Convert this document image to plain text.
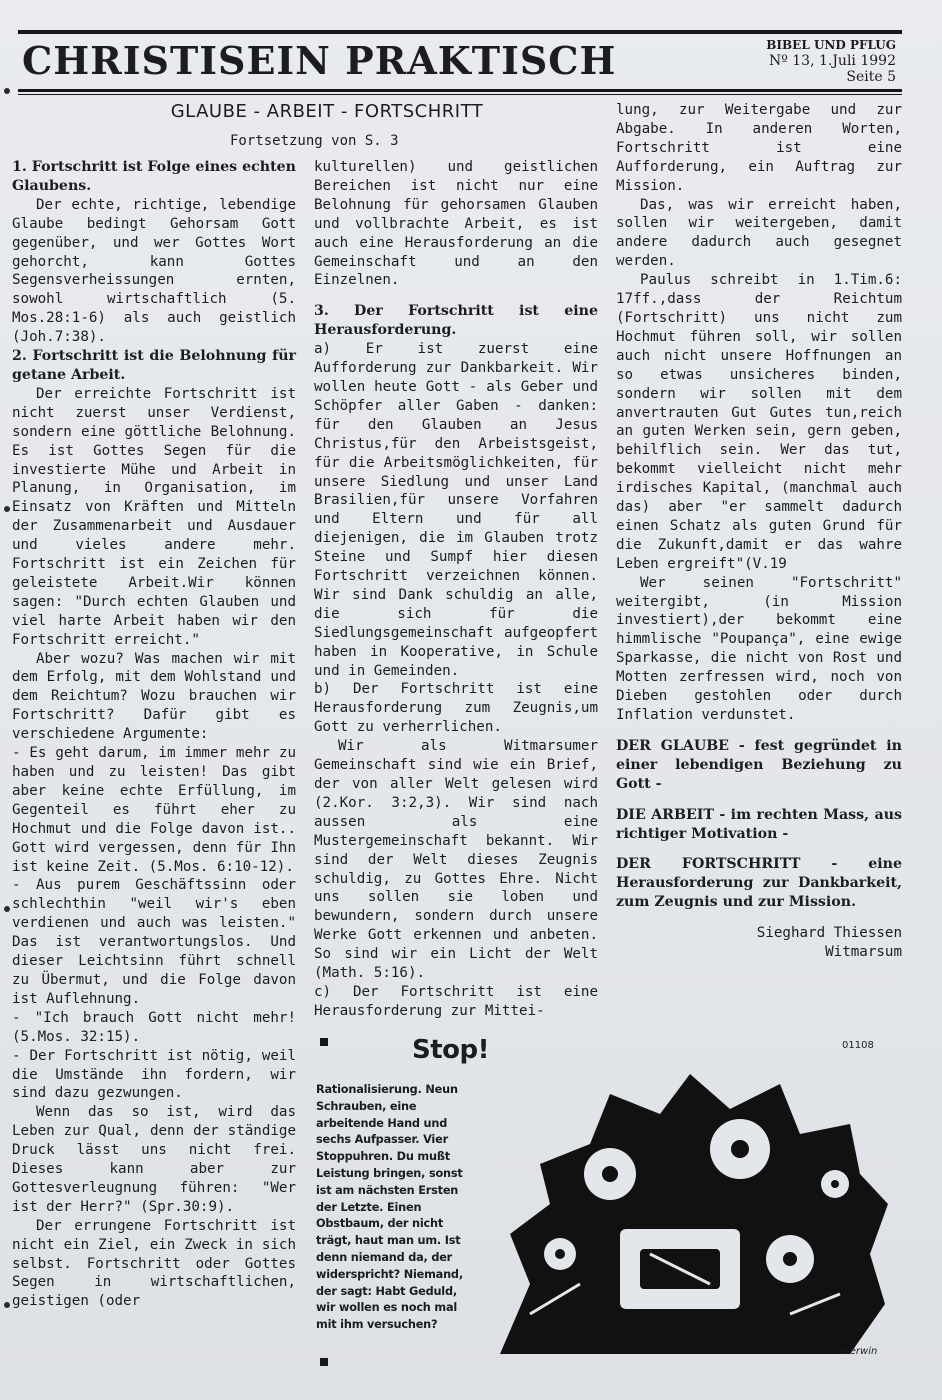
CHRISTISEIN PRAKTISCH	BIBEL UND PFLUG
Nº 13, 1.Juli 1992
Seite 5
GLAUBE - ARBEIT - FORTSCHRITT
Fortsetzung von S. 3

1. Fortschritt ist Folge eines echten Glaubens.

Der echte, richtige, lebendige Glaube bedingt Gehorsam Gott gegenüber, und wer Gottes Wort gehorcht, kann Gottes Segensverheissungen ernten, sowohl wirtschaftlich (5. Mos.28:1-6) als auch geistlich (Joh.7:38).

2. Fortschritt ist die Belohnung für getane Arbeit.

Der erreichte Fortschritt ist nicht zuerst unser Verdienst, sondern eine göttliche Belohnung. Es ist Gottes Segen für die investierte Mühe und Arbeit in Planung, in Organisation, im Einsatz von Kräften und Mitteln der Zusammenarbeit und Ausdauer und vieles andere mehr. Fortschritt ist ein Zeichen für geleistete Arbeit.Wir können sagen: "Durch echten Glauben und viel harte Arbeit haben wir den Fortschritt erreicht."

Aber wozu? Was machen wir mit dem Erfolg, mit dem Wohlstand und dem Reichtum? Wozu brauchen wir Fortschritt? Dafür gibt es verschiedene Argumente:

- Es geht darum, im immer mehr zu haben und zu leisten! Das gibt aber keine echte Erfüllung, im Gegenteil es führt eher zu Hochmut und die Folge davon ist.. Gott wird vergessen, denn für Ihn ist keine Zeit. (5.Mos. 6:10-12).

- Aus purem Geschäftssinn oder schlechthin "weil wir's eben verdienen und auch was leisten." Das ist verantwortungslos. Und dieser Leichtsinn führt schnell zu Übermut, und die Folge davon ist Auflehnung.

- "Ich brauch Gott nicht mehr! (5.Mos. 32:15).

- Der Fortschritt ist nötig, weil die Umstände ihn fordern, wir sind dazu gezwungen.

Wenn das so ist, wird das Leben zur Qual, denn der ständige Druck lässt uns nicht frei. Dieses kann aber zur Gottesverleugnung führen: "Wer ist der Herr?" (Spr.30:9).

Der errungene Fortschritt ist nicht ein Ziel, ein Zweck in sich selbst. Fortschritt oder Gottes Segen in wirtschaftlichen, geistigen (oder

kulturellen) und geistlichen Bereichen ist nicht nur eine Belohnung für gehorsamen Glauben und vollbrachte Arbeit, es ist auch eine Herausforderung an die Gemeinschaft und an den Einzelnen.

3. Der Fortschritt ist eine Herausforderung.

a) Er ist zuerst eine Aufforderung zur Dankbarkeit. Wir wollen heute Gott - als Geber und Schöpfer aller Gaben - danken: für den Glauben an Jesus Christus,für den Arbeistsgeist, für die Arbeitsmöglichkeiten, für unsere Siedlung und unser Land Brasilien,für unsere Vorfahren und Eltern und für all diejenigen, die im Glauben trotz Steine und Sumpf hier diesen Fortschritt verzeichnen können. Wir sind Dank schuldig an alle, die sich für die Siedlungsgemeinschaft aufgeopfert haben in Kooperative, in Schule und in Gemeinden.

b) Der Fortschritt ist eine Herausforderung zum Zeugnis,um Gott zu verherrlichen.

Wir als Witmarsumer Gemeinschaft sind wie ein Brief, der von aller Welt gelesen wird (2.Kor. 3:2,3). Wir sind nach aussen als eine Mustergemeinschaft bekannt. Wir sind der Welt dieses Zeugnis schuldig, zu Gottes Ehre. Nicht uns sollen sie loben und bewundern, sondern durch unsere Werke Gott erkennen und anbeten. So sind wir ein Licht der Welt (Math. 5:16).

c) Der Fortschritt ist eine Herausforderung zur Mittei-

lung, zur Weitergabe und zur Abgabe. In anderen Worten, Fortschritt ist eine Aufforderung, ein Auftrag zur Mission.

Das, was wir erreicht haben, sollen wir weitergeben, damit andere dadurch auch gesegnet werden.

Paulus schreibt in 1.Tim.6: 17ff.,dass der Reichtum (Fortschritt) uns nicht zum Hochmut führen soll, wir sollen auch nicht unsere Hoffnungen an so etwas unsicheres binden, sondern wir sollen mit dem anvertrauten Gut Gutes tun,reich an guten Werken sein, gern geben, behilflich sein. Wer das tut, bekommt vielleicht nicht mehr irdisches Kapital, (manchmal auch das) aber "er sammelt dadurch einen Schatz als guten Grund für die Zukunft,damit er das wahre Leben ergreift"(V.19

Wer seinen "Fortschritt" weitergibt, (in Mission investiert),der bekommt eine himmlische "Poupança", eine ewige Sparkasse, die nicht von Rost und Motten zerfressen wird, noch von Dieben gestohlen oder durch Inflation verdunstet.

DER GLAUBE - fest gegründet in einer lebendigen Beziehung zu Gott -

DIE ARBEIT - im rechten Mass, aus richtiger Motivation -

DER FORTSCHRITT - eine Herausforderung zur Dankbarkeit, zum Zeugnis und zur Mission.

Sieghard Thiessen

Witmarsum

Stop!
Rationalisierung. Neun Schrauben, eine arbeitende Hand und sechs Aufpasser. Vier Stoppuhren. Du mußt Leistung bringen, sonst ist am nächsten Ersten der Letzte. Einen Obstbaum, der nicht trägt, haut man um. Ist denn niemand da, der widerspricht? Niemand, der sagt: Habt Geduld, wir wollen es noch mal mit ihm versuchen?
01108
Gerwin
